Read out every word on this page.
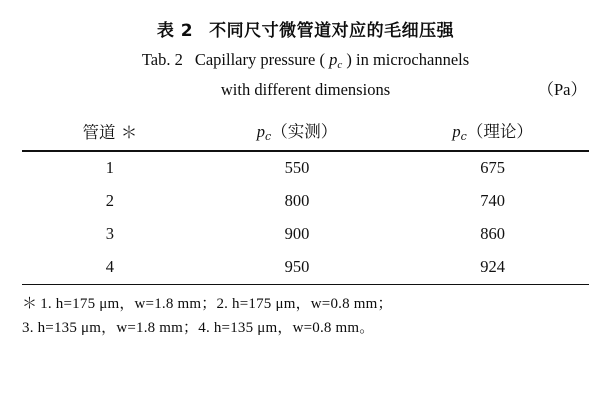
表 2 不同尺寸微管道对应的毛细压强
Tab. 2 Capillary pressure ( $p_c$ ) in microchannels
with different dimensions	（Pa）

管道 ＊	$p_c$（实测）	$p_c$（理论）

1	550	675
2	800	740
3	900	860
4	950	924

＊ 1. h=175 μm，w=1.8 mm；2. h=175 μm，w=0.8 mm；
3. h=135 μm，w=1.8 mm；4. h=135 μm，w=0.8 mm。
